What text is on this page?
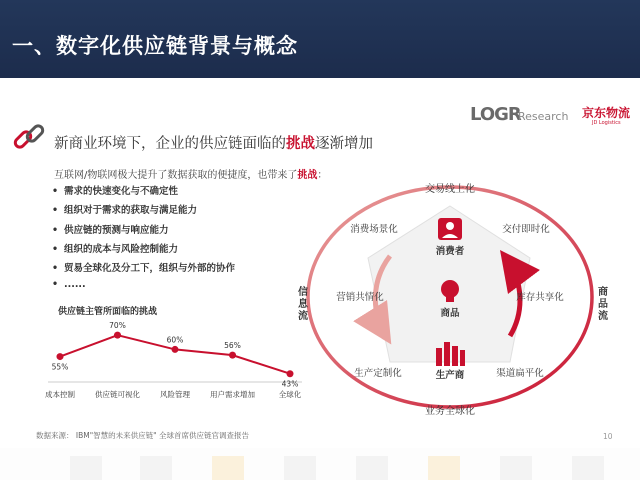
一、数字化供应链背景与概念
LOGR
Research 京东物流
JD Logistics
新商业环境下，企业的供应链面临的挑战逐渐增加
互联网/物联网极大提升了数据获取的便捷度，也带来了挑战：
• 需求的快速变化与不确定性
• 组织对于需求的获取与满足能力
• 供应链的预测与响应能力
• 组织的成本与风险控制能力
• 贸易全球化及分工下，组织与外部的协作
• ......
供应链主管所面临的挑战
55%
成本控制
70%
供应链可视化
60%
风险管理
56%
用户需求增加
43%
全球化
消费者
商品
生产商
交易线上化
业务全球化
消费场景化	交付即时化
营销共情化	库存共享化
生产定制化	渠道扁平化
信息流
商品流
数据来源： IBM"智慧的未来供应链" 全球首席供应链官调查报告	10
